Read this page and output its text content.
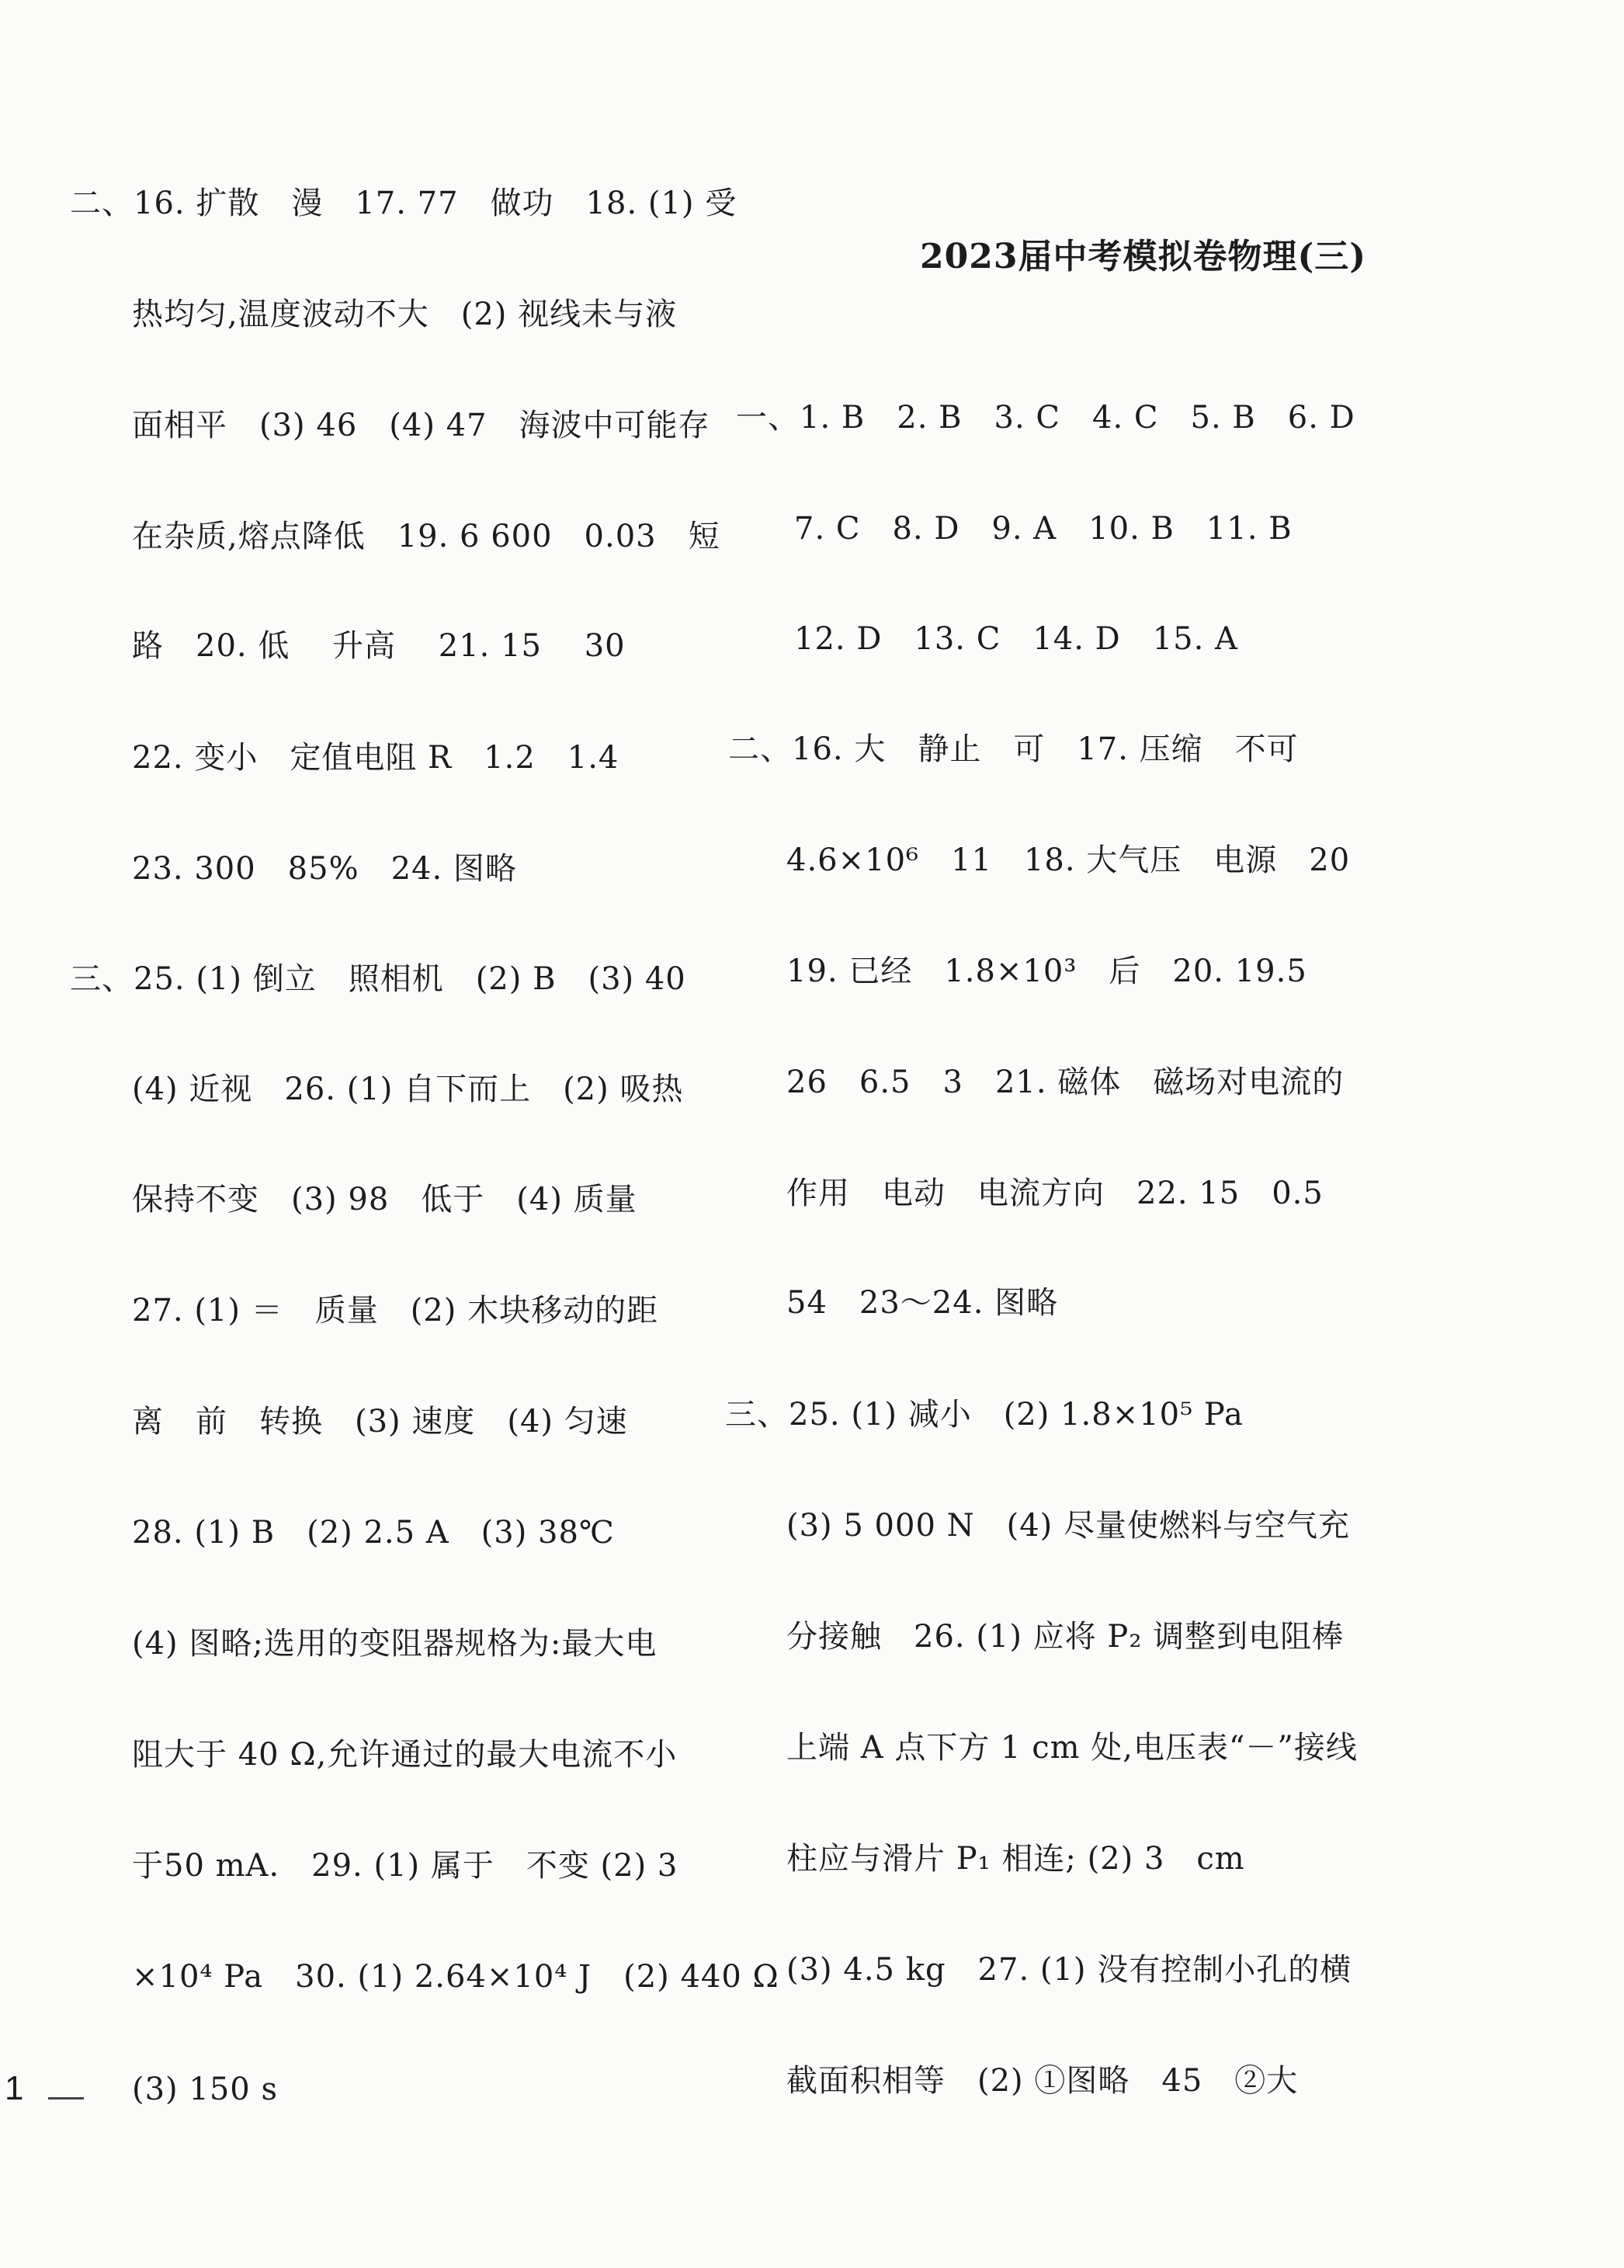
二、16. 扩散　漫　17. 77　做功　18. (1) 受
热均匀,温度波动不大　(2) 视线未与液
面相平　(3) 46　(4) 47　海波中可能存
在杂质,熔点降低　19. 6 600　0.03　短
路　20. 低　 升高　 21. 15　 30
22. 变小　定值电阻 R　1.2　1.4
23. 300　85%　24. 图略
三、25. (1) 倒立　照相机　(2) B　(3) 40
(4) 近视　26. (1) 自下而上　(2) 吸热
保持不变　(3) 98　低于　(4) 质量
27. (1) ＝　质量　(2) 木块移动的距
离　前　转换　(3) 速度　(4) 匀速
28. (1) B　(2) 2.5 A　(3) 38℃
(4) 图略;选用的变阻器规格为:最大电
阻大于 40 Ω,允许通过的最大电流不小
于50 mA.　29. (1) 属于　不变 (2) 3
×10⁴ Pa　30. (1) 2.64×10⁴ J　(2) 440 Ω
(3) 150 s
2023届中考模拟卷物理(三)
一、1. B　2. B　3. C　4. C　5. B　6. D
7. C　8. D　9. A　10. B　11. B
12. D　13. C　14. D　15. A
二、16. 大　静止　可　17. 压缩　不可
4.6×10⁶　11　18. 大气压　电源　20
19. 已经　1.8×10³　后　20. 19.5
26　6.5　3　21. 磁体　磁场对电流的
作用　电动　电流方向　22. 15　0.5
54　23～24. 图略
三、25. (1) 减小　(2) 1.8×10⁵ Pa
(3) 5 000 N　(4) 尽量使燃料与空气充
分接触　26. (1) 应将 P₂ 调整到电阻棒
上端 A 点下方 1 cm 处,电压表“－”接线
柱应与滑片 P₁ 相连; (2) 3　cm
(3) 4.5 kg　27. (1) 没有控制小孔的横
截面积相等　(2) ①图略　45　②大
1
